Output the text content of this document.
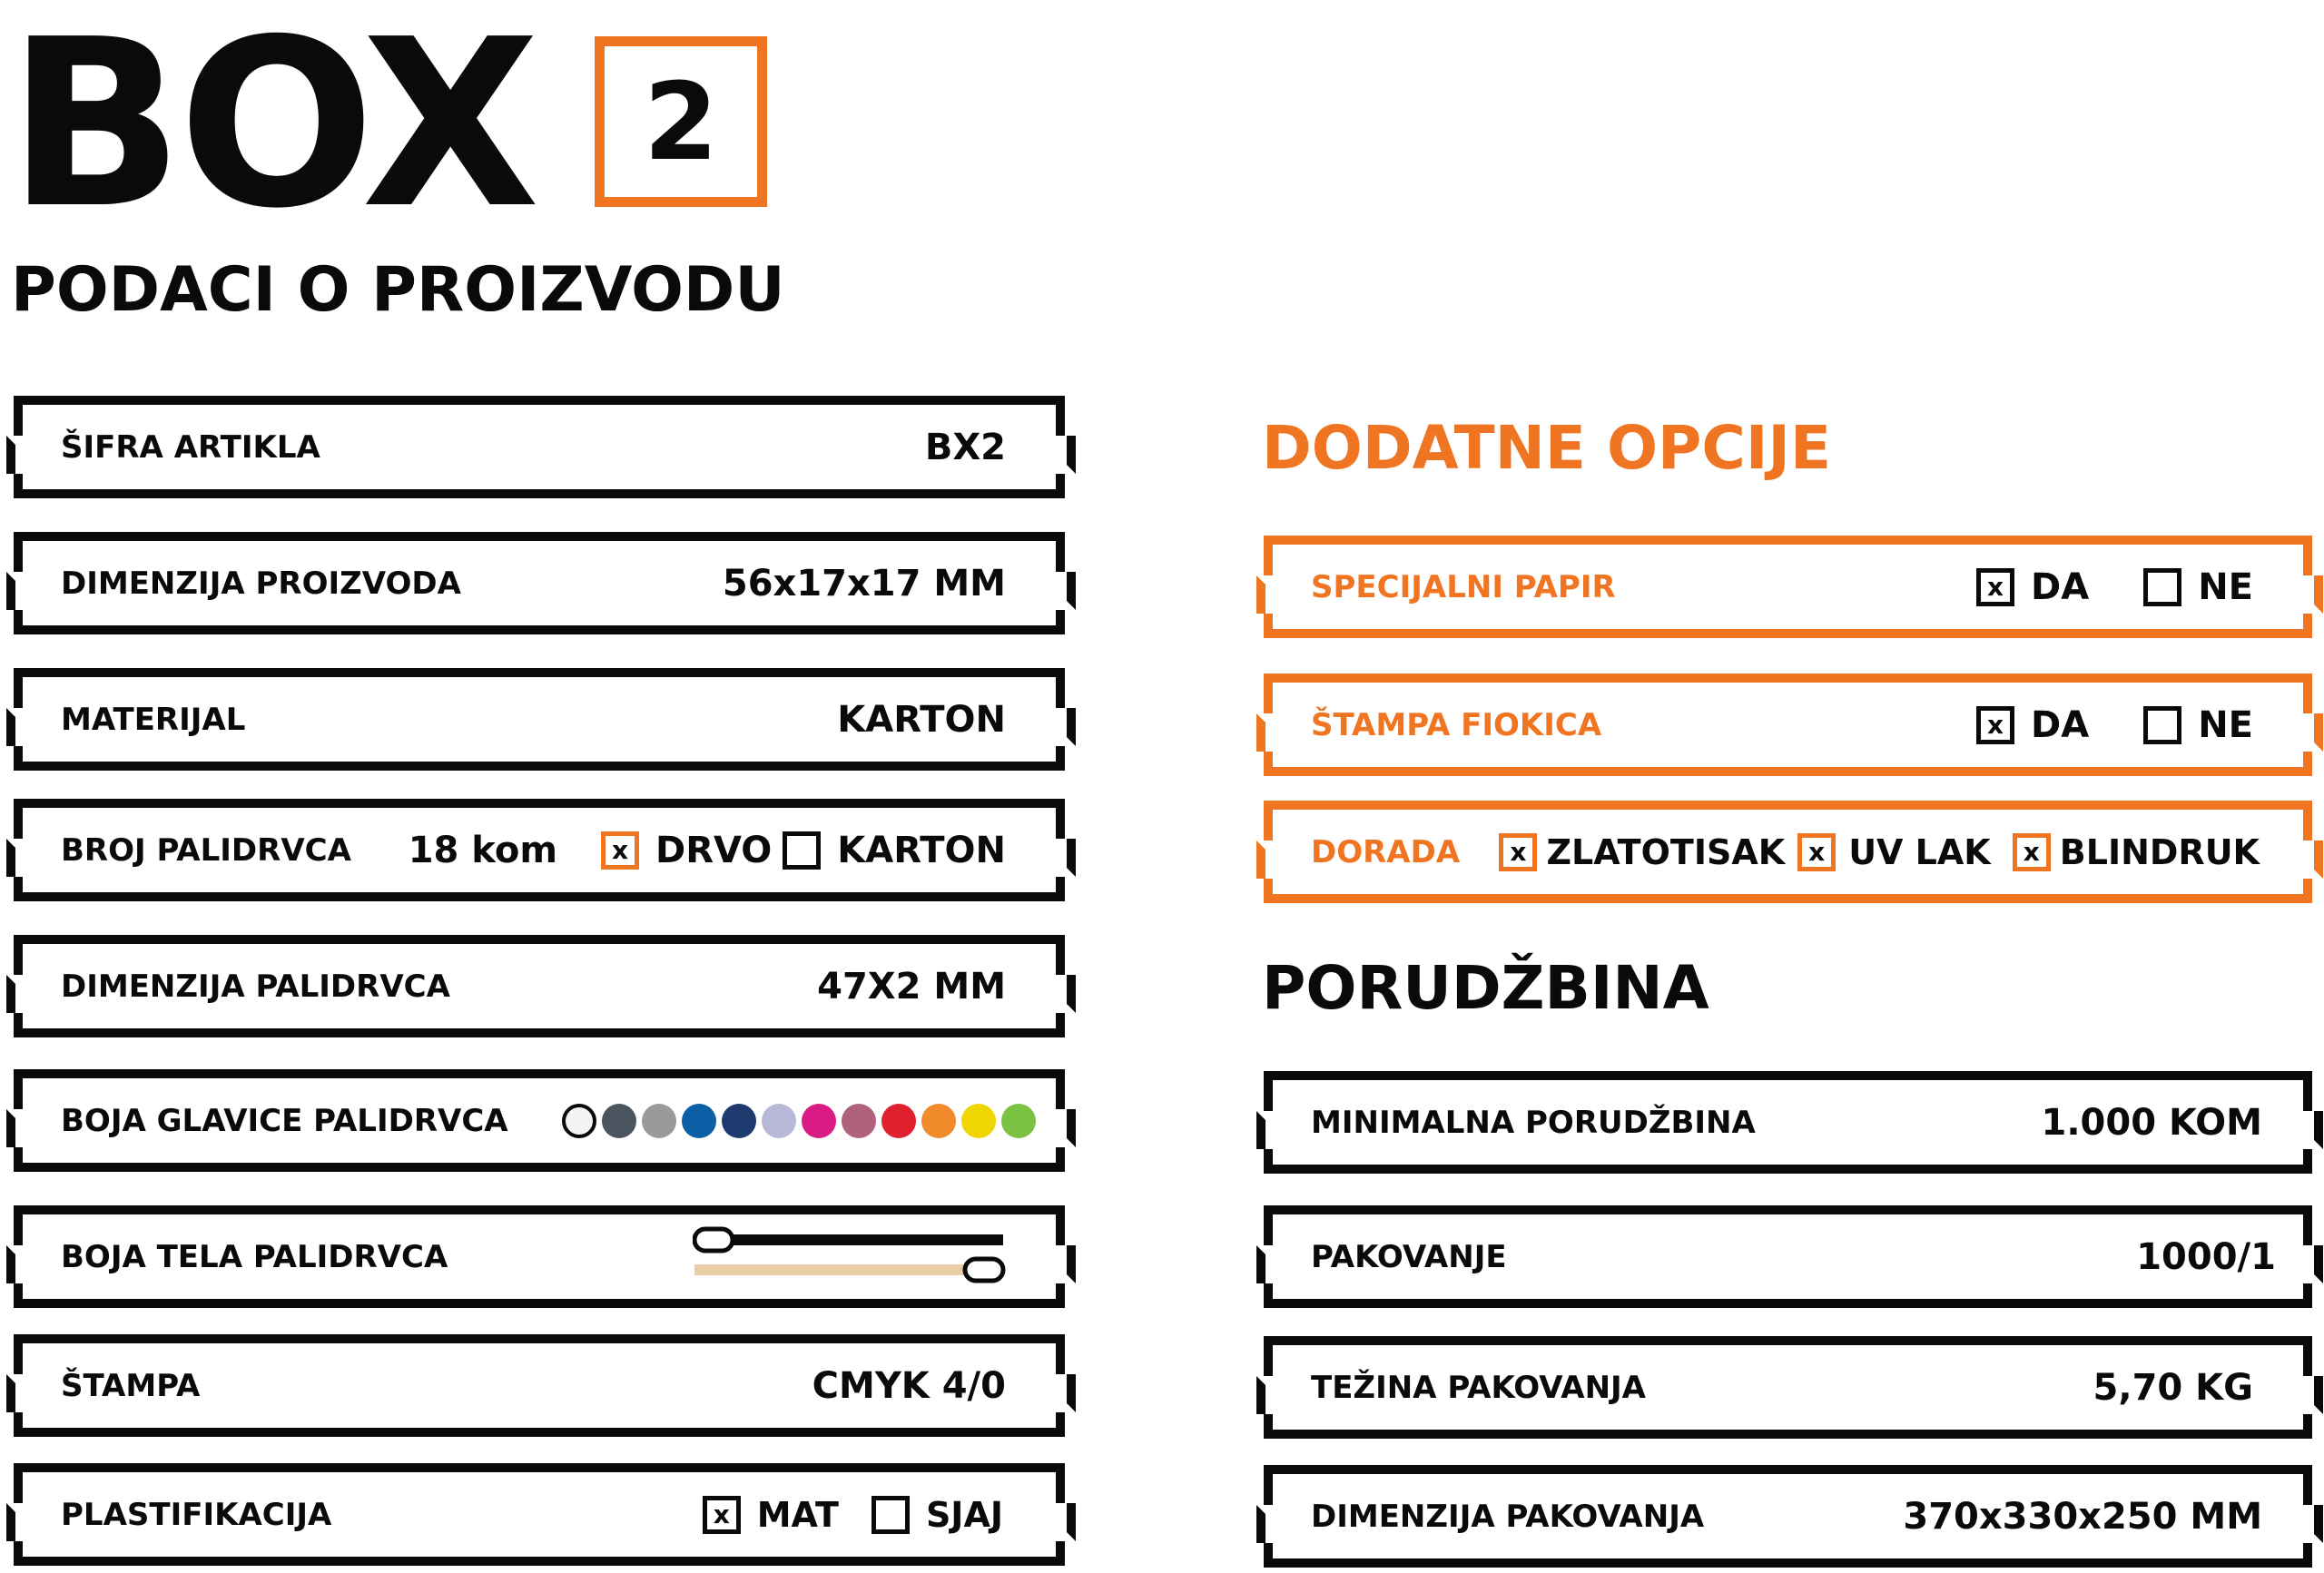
BOX	2
PODACI O PROIZVODU
ŠIFRA ARTIKLA	BX2
DIMENZIJA PROIZVODA	56x17x17 MM
MATERIJAL	KARTON
BROJ PALIDRVCA 18 kom	x DRVO KARTON
DIMENZIJA PALIDRVCA	47X2 MM
BOJA GLAVICE PALIDRVCA
BOJA TELA PALIDRVCA
ŠTAMPA	CMYK 4/0
PLASTIFIKACIJA	x MAT	SJAJ
DODATNE OPCIJE
SPECIJALNI PAPIR	x DA	NE
ŠTAMPA FIOKICA	x DA	NE
DORADA	x ZLATOTISAK x UV LAK	x BLINDRUK
PORUDŽBINA
MINIMALNA PORUDŽBINA	1.000 KOM
PAKOVANJE	1000/1
TEŽINA PAKOVANJA	5,70 KG
DIMENZIJA PAKOVANJA	370x330x250 MM
